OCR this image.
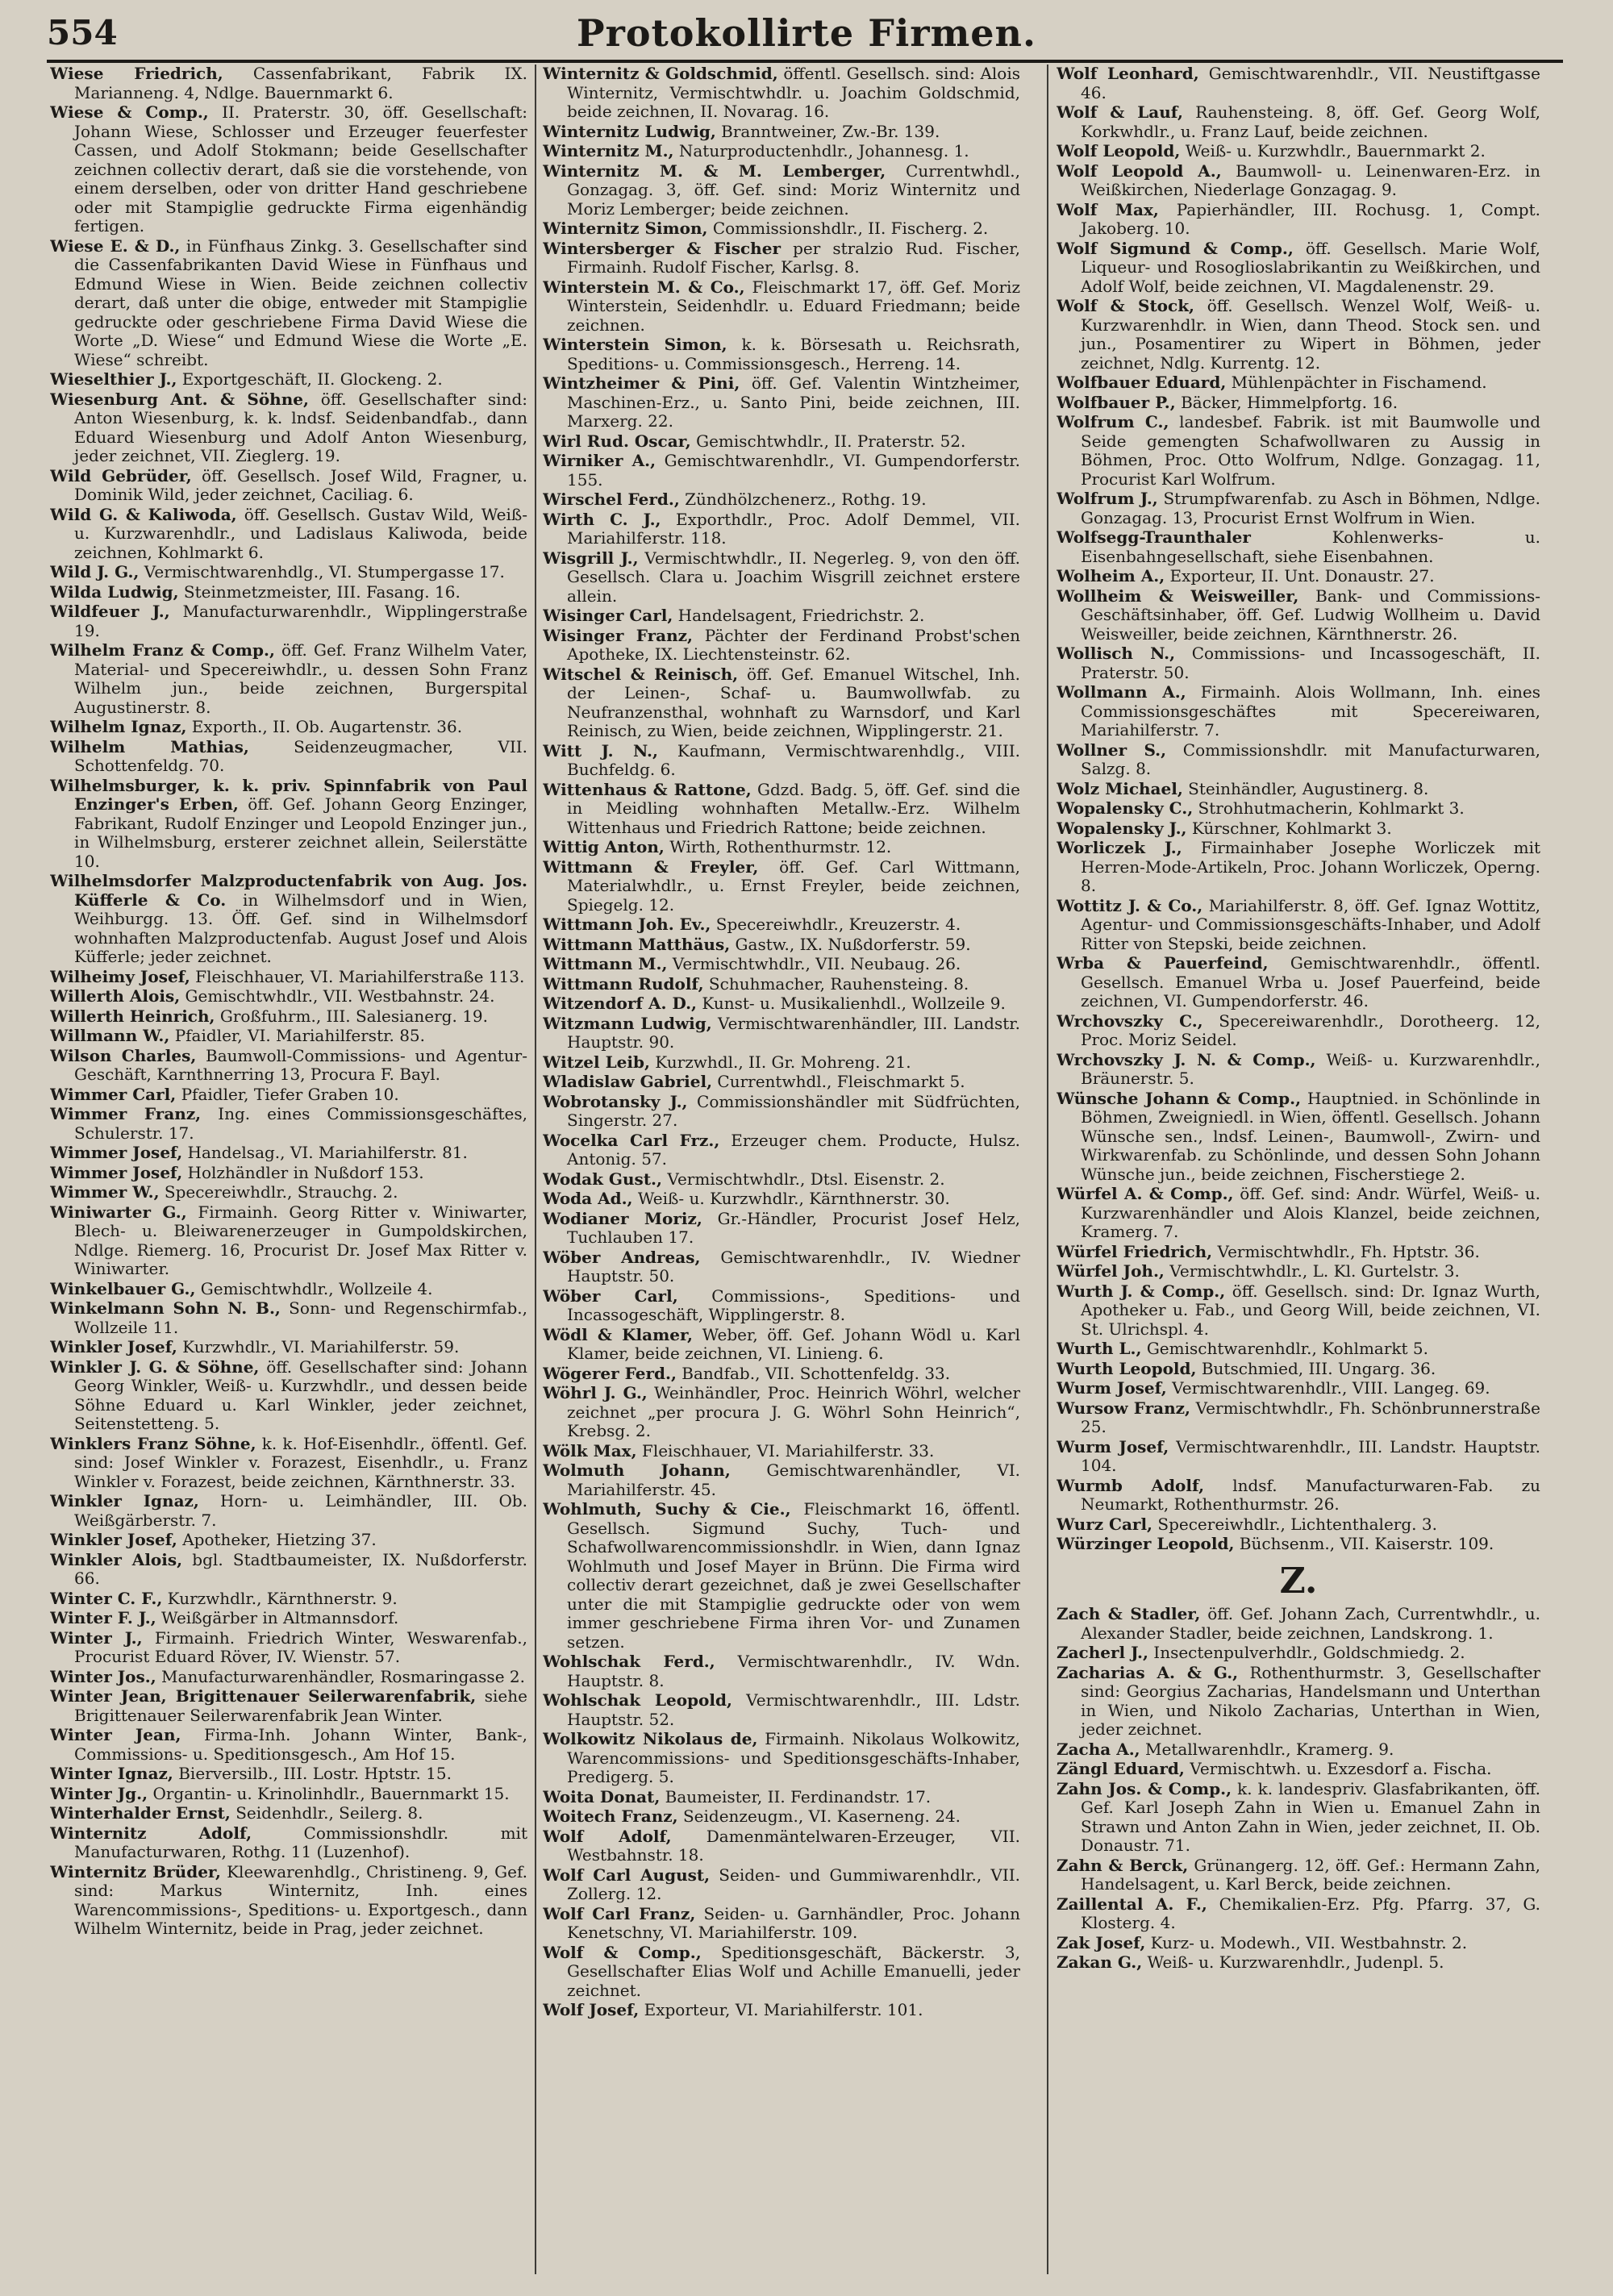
554	Protokollirte Firmen.
Wiese Friedrich, Cassenfabrikant, Fabrik IX. Marianneng. 4, Ndlge. Bauernmarkt 6.
Wiese & Comp., II. Praterstr. 30, öff. Gesellschaft: Johann Wiese, Schlosser und Erzeuger feuerfester Cassen, und Adolf Stokmann; beide Gesellschafter zeichnen collectiv derart, daß sie die vorstehende, von einem derselben, oder von dritter Hand geschriebene oder mit Stampiglie gedruckte Firma eigenhändig fertigen.
Wiese E. & D., in Fünfhaus Zinkg. 3. Gesellschafter sind die Cassenfabrikanten David Wiese in Fünfhaus und Edmund Wiese in Wien. Beide zeichnen collectiv derart, daß unter die obige, entweder mit Stampiglie gedruckte oder geschriebene Firma David Wiese die Worte „D. Wiese“ und Edmund Wiese die Worte „E. Wiese“ schreibt.
Wieselthier J., Exportgeschäft, II. Glockeng. 2.
Wiesenburg Ant. & Söhne, öff. Gesellschafter sind: Anton Wiesenburg, k. k. lndsf. Seidenbandfab., dann Eduard Wiesenburg und Adolf Anton Wiesenburg, jeder zeichnet, VII. Zieglerg. 19.
Wild Gebrüder, öff. Gesellsch. Josef Wild, Fragner, u. Dominik Wild, jeder zeichnet, Caciliag. 6.
Wild G. & Kaliwoda, öff. Gesellsch. Gustav Wild, Weiß- u. Kurzwarenhdlr., und Ladislaus Kaliwoda, beide zeichnen, Kohlmarkt 6.
Wild J. G., Vermischtwarenhdlg., VI. Stumpergasse 17.
Wilda Ludwig, Steinmetzmeister, III. Fasang. 16.
Wildfeuer J., Manufacturwarenhdlr., Wipplingerstraße 19.
Wilhelm Franz & Comp., öff. Gef. Franz Wilhelm Vater, Material- und Specereiwhdlr., u. dessen Sohn Franz Wilhelm jun., beide zeichnen, Burgerspital Augustinerstr. 8.
Wilhelm Ignaz, Exporth., II. Ob. Augartenstr. 36.
Wilhelm Mathias, Seidenzeugmacher, VII. Schottenfeldg. 70.
Wilhelmsburger, k. k. priv. Spinnfabrik von Paul Enzinger's Erben, öff. Gef. Johann Georg Enzinger, Fabrikant, Rudolf Enzinger und Leopold Enzinger jun., in Wilhelmsburg, ersterer zeichnet allein, Seilerstätte 10.
Wilhelmsdorfer Malzproductenfabrik von Aug. Jos. Küfferle & Co. in Wilhelmsdorf und in Wien, Weihburgg. 13. Öff. Gef. sind in Wilhelmsdorf wohnhaften Malzproductenfab. August Josef und Alois Küfferle; jeder zeichnet.
Wilheimy Josef, Fleischhauer, VI. Mariahilferstraße 113.
Willerth Alois, Gemischtwhdlr., VII. Westbahnstr. 24.
Willerth Heinrich, Großfuhrm., III. Salesianerg. 19.
Willmann W., Pfaidler, VI. Mariahilferstr. 85.
Wilson Charles, Baumwoll-Commissions- und Agentur-Geschäft, Karnthnerring 13, Procura F. Bayl.
Wimmer Carl, Pfaidler, Tiefer Graben 10.
Wimmer Franz, Ing. eines Commissionsgeschäftes, Schulerstr. 17.
Wimmer Josef, Handelsag., VI. Mariahilferstr. 81.
Wimmer Josef, Holzhändler in Nußdorf 153.
Wimmer W., Specereiwhdlr., Strauchg. 2.
Winiwarter G., Firmainh. Georg Ritter v. Winiwarter, Blech- u. Bleiwarenerzeuger in Gumpoldskirchen, Ndlge. Riemerg. 16, Procurist Dr. Josef Max Ritter v. Winiwarter.
Winkelbauer G., Gemischtwhdlr., Wollzeile 4.
Winkelmann Sohn N. B., Sonn- und Regenschirmfab., Wollzeile 11.
Winkler Josef, Kurzwhdlr., VI. Mariahilferstr. 59.
Winkler J. G. & Söhne, öff. Gesellschafter sind: Johann Georg Winkler, Weiß- u. Kurzwhdlr., und dessen beide Söhne Eduard u. Karl Winkler, jeder zeichnet, Seitenstetteng. 5.
Winklers Franz Söhne, k. k. Hof-Eisenhdlr., öffentl. Gef. sind: Josef Winkler v. Forazest, Eisenhdlr., u. Franz Winkler v. Forazest, beide zeichnen, Kärnthnerstr. 33.
Winkler Ignaz, Horn- u. Leimhändler, III. Ob. Weißgärberstr. 7.
Winkler Josef, Apotheker, Hietzing 37.
Winkler Alois, bgl. Stadtbaumeister, IX. Nußdorferstr. 66.
Winter C. F., Kurzwhdlr., Kärnthnerstr. 9.
Winter F. J., Weißgärber in Altmannsdorf.
Winter J., Firmainh. Friedrich Winter, Weswarenfab., Procurist Eduard Röver, IV. Wienstr. 57.
Winter Jos., Manufacturwarenhändler, Rosmaringasse 2.
Winter Jean, Brigittenauer Seilerwarenfabrik, siehe Brigittenauer Seilerwarenfabrik Jean Winter.
Winter Jean, Firma-Inh. Johann Winter, Bank-, Commissions- u. Speditionsgesch., Am Hof 15.
Winter Ignaz, Bierversilb., III. Lostr. Hptstr. 15.
Winter Jg., Organtin- u. Krinolinhdlr., Bauernmarkt 15.
Winterhalder Ernst, Seidenhdlr., Seilerg. 8.
Winternitz Adolf, Commissionshdlr. mit Manufacturwaren, Rothg. 11 (Luzenhof).
Winternitz Brüder, Kleewarenhdlg., Christineng. 9, Gef. sind: Markus Winternitz, Inh. eines Warencommissions-, Speditions- u. Exportgesch., dann Wilhelm Winternitz, beide in Prag, jeder zeichnet.
Winternitz & Goldschmid, öffentl. Gesellsch. sind: Alois Winternitz, Vermischtwhdlr. u. Joachim Goldschmid, beide zeichnen, II. Novarag. 16.
Winternitz Ludwig, Branntweiner, Zw.-Br. 139.
Winternitz M., Naturproductenhdlr., Johannesg. 1.
Winternitz M. & M. Lemberger, Currentwhdl., Gonzagag. 3, öff. Gef. sind: Moriz Winternitz und Moriz Lemberger; beide zeichnen.
Winternitz Simon, Commissionshdlr., II. Fischerg. 2.
Wintersberger & Fischer per stralzio Rud. Fischer, Firmainh. Rudolf Fischer, Karlsg. 8.
Winterstein M. & Co., Fleischmarkt 17, öff. Gef. Moriz Winterstein, Seidenhdlr. u. Eduard Friedmann; beide zeichnen.
Winterstein Simon, k. k. Börsesath u. Reichsrath, Speditions- u. Commissionsgesch., Herreng. 14.
Wintzheimer & Pini, öff. Gef. Valentin Wintzheimer, Maschinen-Erz., u. Santo Pini, beide zeichnen, III. Marxerg. 22.
Wirl Rud. Oscar, Gemischtwhdlr., II. Praterstr. 52.
Wirniker A., Gemischtwarenhdlr., VI. Gumpendorferstr. 155.
Wirschel Ferd., Zündhölzchenerz., Rothg. 19.
Wirth C. J., Exporthdlr., Proc. Adolf Demmel, VII. Mariahilferstr. 118.
Wisgrill J., Vermischtwhdlr., II. Negerleg. 9, von den öff. Gesellsch. Clara u. Joachim Wisgrill zeichnet erstere allein.
Wisinger Carl, Handelsagent, Friedrichstr. 2.
Wisinger Franz, Pächter der Ferdinand Probst'schen Apotheke, IX. Liechtensteinstr. 62.
Witschel & Reinisch, öff. Gef. Emanuel Witschel, Inh. der Leinen-, Schaf- u. Baumwollwfab. zu Neufranzensthal, wohnhaft zu Warnsdorf, und Karl Reinisch, zu Wien, beide zeichnen, Wipplingerstr. 21.
Witt J. N., Kaufmann, Vermischtwarenhdlg., VIII. Buchfeldg. 6.
Wittenhaus & Rattone, Gdzd. Badg. 5, öff. Gef. sind die in Meidling wohnhaften Metallw.-Erz. Wilhelm Wittenhaus und Friedrich Rattone; beide zeichnen.
Wittig Anton, Wirth, Rothenthurmstr. 12.
Wittmann & Freyler, öff. Gef. Carl Wittmann, Materialwhdlr., u. Ernst Freyler, beide zeichnen, Spiegelg. 12.
Wittmann Joh. Ev., Specereiwhdlr., Kreuzerstr. 4.
Wittmann Matthäus, Gastw., IX. Nußdorferstr. 59.
Wittmann M., Vermischtwhdlr., VII. Neubaug. 26.
Wittmann Rudolf, Schuhmacher, Rauhensteing. 8.
Witzendorf A. D., Kunst- u. Musikalienhdl., Wollzeile 9.
Witzmann Ludwig, Vermischtwarenhändler, III. Landstr. Hauptstr. 90.
Witzel Leib, Kurzwhdl., II. Gr. Mohreng. 21.
Wladislaw Gabriel, Currentwhdl., Fleischmarkt 5.
Wobrotansky J., Commissionshändler mit Südfrüchten, Singerstr. 27.
Wocelka Carl Frz., Erzeuger chem. Producte, Hulsz. Antonig. 57.
Wodak Gust., Vermischtwhdlr., Dtsl. Eisenstr. 2.
Woda Ad., Weiß- u. Kurzwhdlr., Kärnthnerstr. 30.
Wodianer Moriz, Gr.-Händler, Procurist Josef Helz, Tuchlauben 17.
Wöber Andreas, Gemischtwarenhdlr., IV. Wiedner Hauptstr. 50.
Wöber Carl, Commissions-, Speditions- und Incassogeschäft, Wipplingerstr. 8.
Wödl & Klamer, Weber, öff. Gef. Johann Wödl u. Karl Klamer, beide zeichnen, VI. Linieng. 6.
Wögerer Ferd., Bandfab., VII. Schottenfeldg. 33.
Wöhrl J. G., Weinhändler, Proc. Heinrich Wöhrl, welcher zeichnet „per procura J. G. Wöhrl Sohn Heinrich“, Krebsg. 2.
Wölk Max, Fleischhauer, VI. Mariahilferstr. 33.
Wolmuth Johann, Gemischtwarenhändler, VI. Mariahilferstr. 45.
Wohlmuth, Suchy & Cie., Fleischmarkt 16, öffentl. Gesellsch. Sigmund Suchy, Tuch- und Schafwollwarencommissionshdlr. in Wien, dann Ignaz Wohlmuth und Josef Mayer in Brünn. Die Firma wird collectiv derart gezeichnet, daß je zwei Gesellschafter unter die mit Stampiglie gedruckte oder von wem immer geschriebene Firma ihren Vor- und Zunamen setzen.
Wohlschak Ferd., Vermischtwarenhdlr., IV. Wdn. Hauptstr. 8.
Wohlschak Leopold, Vermischtwarenhdlr., III. Ldstr. Hauptstr. 52.
Wolkowitz Nikolaus de, Firmainh. Nikolaus Wolkowitz, Warencommissions- und Speditionsgeschäfts-Inhaber, Predigerg. 5.
Woita Donat, Baumeister, II. Ferdinandstr. 17.
Woitech Franz, Seidenzeugm., VI. Kaserneng. 24.
Wolf Adolf, Damenmäntelwaren-Erzeuger, VII. Westbahnstr. 18.
Wolf Carl August, Seiden- und Gummiwarenhdlr., VII. Zollerg. 12.
Wolf Carl Franz, Seiden- u. Garnhändler, Proc. Johann Kenetschny, VI. Mariahilferstr. 109.
Wolf & Comp., Speditionsgeschäft, Bäckerstr. 3, Gesellschafter Elias Wolf und Achille Emanuelli, jeder zeichnet.
Wolf Josef, Exporteur, VI. Mariahilferstr. 101.
Wolf Leonhard, Gemischtwarenhdlr., VII. Neustiftgasse 46.
Wolf & Lauf, Rauhensteing. 8, öff. Gef. Georg Wolf, Korkwhdlr., u. Franz Lauf, beide zeichnen.
Wolf Leopold, Weiß- u. Kurzwhdlr., Bauernmarkt 2.
Wolf Leopold A., Baumwoll- u. Leinenwaren-Erz. in Weißkirchen, Niederlage Gonzagag. 9.
Wolf Max, Papierhändler, III. Rochusg. 1, Compt. Jakoberg. 10.
Wolf Sigmund & Comp., öff. Gesellsch. Marie Wolf, Liqueur- und Rosoglioslabrikantin zu Weißkirchen, und Adolf Wolf, beide zeichnen, VI. Magdalenenstr. 29.
Wolf & Stock, öff. Gesellsch. Wenzel Wolf, Weiß- u. Kurzwarenhdlr. in Wien, dann Theod. Stock sen. und jun., Posamentirer zu Wipert in Böhmen, jeder zeichnet, Ndlg. Kurrentg. 12.
Wolfbauer Eduard, Mühlenpächter in Fischamend.
Wolfbauer P., Bäcker, Himmelpfortg. 16.
Wolfrum C., landesbef. Fabrik. ist mit Baumwolle und Seide gemengten Schafwollwaren zu Aussig in Böhmen, Proc. Otto Wolfrum, Ndlge. Gonzagag. 11, Procurist Karl Wolfrum.
Wolfrum J., Strumpfwarenfab. zu Asch in Böhmen, Ndlge. Gonzagag. 13, Procurist Ernst Wolfrum in Wien.
Wolfsegg-Traunthaler Kohlenwerks- u. Eisenbahngesellschaft, siehe Eisenbahnen.
Wolheim A., Exporteur, II. Unt. Donaustr. 27.
Wollheim & Weisweiller, Bank- und Commissions-Geschäftsinhaber, öff. Gef. Ludwig Wollheim u. David Weisweiller, beide zeichnen, Kärnthnerstr. 26.
Wollisch N., Commissions- und Incassogeschäft, II. Praterstr. 50.
Wollmann A., Firmainh. Alois Wollmann, Inh. eines Commissionsgeschäftes mit Specereiwaren, Mariahilferstr. 7.
Wollner S., Commissionshdlr. mit Manufacturwaren, Salzg. 8.
Wolz Michael, Steinhändler, Augustinerg. 8.
Wopalensky C., Strohhutmacherin, Kohlmarkt 3.
Wopalensky J., Kürschner, Kohlmarkt 3.
Worliczek J., Firmainhaber Josephe Worliczek mit Herren-Mode-Artikeln, Proc. Johann Worliczek, Operng. 8.
Wottitz J. & Co., Mariahilferstr. 8, öff. Gef. Ignaz Wottitz, Agentur- und Commissionsgeschäfts-Inhaber, und Adolf Ritter von Stepski, beide zeichnen.
Wrba & Pauerfeind, Gemischtwarenhdlr., öffentl. Gesellsch. Emanuel Wrba u. Josef Pauerfeind, beide zeichnen, VI. Gumpendorferstr. 46.
Wrchovszky C., Specereiwarenhdlr., Dorotheerg. 12, Proc. Moriz Seidel.
Wrchovszky J. N. & Comp., Weiß- u. Kurzwarenhdlr., Bräunerstr. 5.
Wünsche Johann & Comp., Hauptnied. in Schönlinde in Böhmen, Zweigniedl. in Wien, öffentl. Gesellsch. Johann Wünsche sen., lndsf. Leinen-, Baumwoll-, Zwirn- und Wirkwarenfab. zu Schönlinde, und dessen Sohn Johann Wünsche jun., beide zeichnen, Fischerstiege 2.
Würfel A. & Comp., öff. Gef. sind: Andr. Würfel, Weiß- u. Kurzwarenhändler und Alois Klanzel, beide zeichnen, Kramerg. 7.
Würfel Friedrich, Vermischtwhdlr., Fh. Hptstr. 36.
Würfel Joh., Vermischtwhdlr., L. Kl. Gurtelstr. 3.
Wurth J. & Comp., öff. Gesellsch. sind: Dr. Ignaz Wurth, Apotheker u. Fab., und Georg Will, beide zeichnen, VI. St. Ulrichspl. 4.
Wurth L., Gemischtwarenhdlr., Kohlmarkt 5.
Wurth Leopold, Butschmied, III. Ungarg. 36.
Wurm Josef, Vermischtwarenhdlr., VIII. Langeg. 69.
Wursow Franz, Vermischtwhdlr., Fh. Schönbrunnerstraße 25.
Wurm Josef, Vermischtwarenhdlr., III. Landstr. Hauptstr. 104.
Wurmb Adolf, lndsf. Manufacturwaren-Fab. zu Neumarkt, Rothenthurmstr. 26.
Wurz Carl, Specereiwhdlr., Lichtenthalerg. 3.
Würzinger Leopold, Büchsenm., VII. Kaiserstr. 109.
Z.
Zach & Stadler, öff. Gef. Johann Zach, Currentwhdlr., u. Alexander Stadler, beide zeichnen, Landskrong. 1.
Zacherl J., Insectenpulverhdlr., Goldschmiedg. 2.
Zacharias A. & G., Rothenthurmstr. 3, Gesellschafter sind: Georgius Zacharias, Handelsmann und Unterthan in Wien, und Nikolo Zacharias, Unterthan in Wien, jeder zeichnet.
Zacha A., Metallwarenhdlr., Kramerg. 9.
Zängl Eduard, Vermischtwh. u. Exzesdorf a. Fischa.
Zahn Jos. & Comp., k. k. landespriv. Glasfabrikanten, öff. Gef. Karl Joseph Zahn in Wien u. Emanuel Zahn in Strawn und Anton Zahn in Wien, jeder zeichnet, II. Ob. Donaustr. 71.
Zahn & Berck, Grünangerg. 12, öff. Gef.: Hermann Zahn, Handelsagent, u. Karl Berck, beide zeichnen.
Zaillental A. F., Chemikalien-Erz. Pfg. Pfarrg. 37, G. Klosterg. 4.
Zak Josef, Kurz- u. Modewh., VII. Westbahnstr. 2.
Zakan G., Weiß- u. Kurzwarenhdlr., Judenpl. 5.
